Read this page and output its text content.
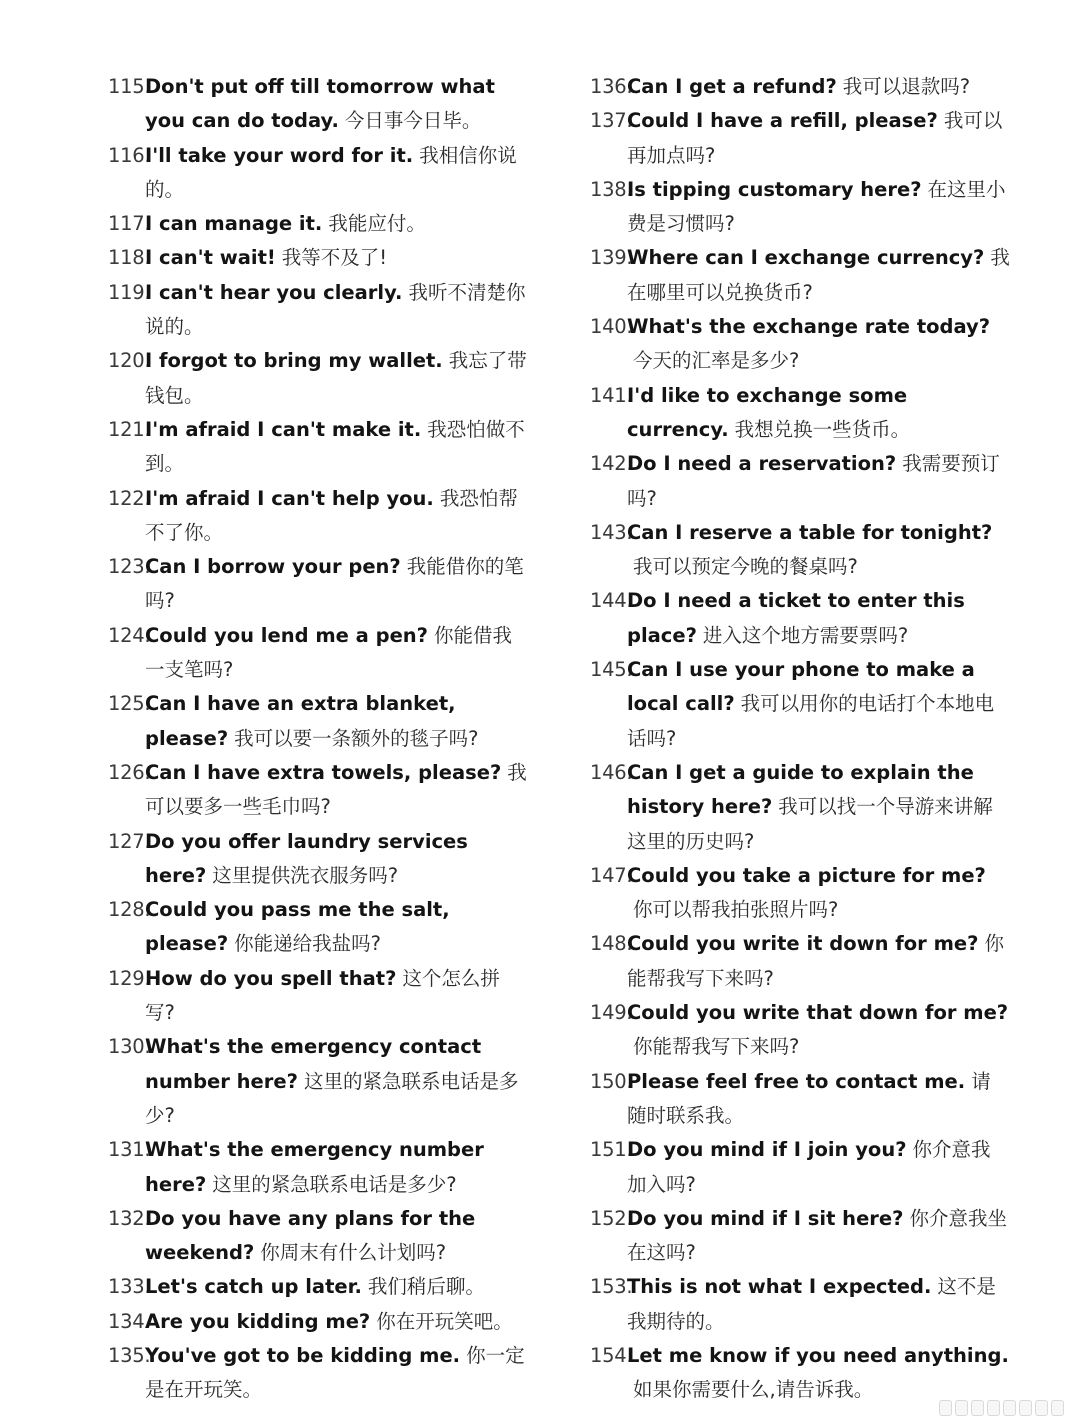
115.
Don't put off till tomorrow what you can do today. 今日事今日毕。
116.
I'll take your word for it. 我相信你说的。
117.
I can manage it. 我能应付。
118.
I can't wait! 我等不及了!
119.
I can't hear you clearly. 我听不清楚你说的。
120.
I forgot to bring my wallet. 我忘了带钱包。
121.
I'm afraid I can't make it. 我恐怕做不到。
122.
I'm afraid I can't help you. 我恐怕帮不了你。
123.
Can I borrow your pen? 我能借你的笔吗?
124.
Could you lend me a pen? 你能借我一支笔吗?
125.
Can I have an extra blanket, please? 我可以要一条额外的毯子吗?
126.
Can I have extra towels, please? 我可以要多一些毛巾吗?
127.
Do you offer laundry services here? 这里提供洗衣服务吗?
128.
Could you pass me the salt, please? 你能递给我盐吗?
129.
How do you spell that? 这个怎么拼写?
130.
What's the emergency contact number here? 这里的紧急联系电话是多少?
131.
What's the emergency number here? 这里的紧急联系电话是多少?
132.
Do you have any plans for the weekend? 你周末有什么计划吗?
133.
Let's catch up later. 我们稍后聊。
134.
Are you kidding me? 你在开玩笑吧。
135.
You've got to be kidding me. 你一定是在开玩笑。
136.
Can I get a refund? 我可以退款吗?
137.
Could I have a refill, please? 我可以再加点吗?
138.
Is tipping customary here? 在这里小费是习惯吗?
139.
Where can I exchange currency? 我在哪里可以兑换货币?
140.
What's the exchange rate today?今天的汇率是多少?
141.
I'd like to exchange some currency. 我想兑换一些货币。
142.
Do I need a reservation? 我需要预订吗?
143.
Can I reserve a table for tonight?我可以预定今晚的餐桌吗?
144.
Do I need a ticket to enter this place? 进入这个地方需要票吗?
145.
Can I use your phone to make a local call? 我可以用你的电话打个本地电话吗?
146.
Can I get a guide to explain the history here? 我可以找一个导游来讲解这里的历史吗?
147.
Could you take a picture for me?你可以帮我拍张照片吗?
148.
Could you write it down for me? 你能帮我写下来吗?
149.
Could you write that down for me?你能帮我写下来吗?
150.
Please feel free to contact me. 请随时联系我。
151.
Do you mind if I join you? 你介意我加入吗?
152.
Do you mind if I sit here? 你介意我坐在这吗?
153.
This is not what I expected. 这不是我期待的。
154.
Let me know if you need anything.如果你需要什么,请告诉我。
